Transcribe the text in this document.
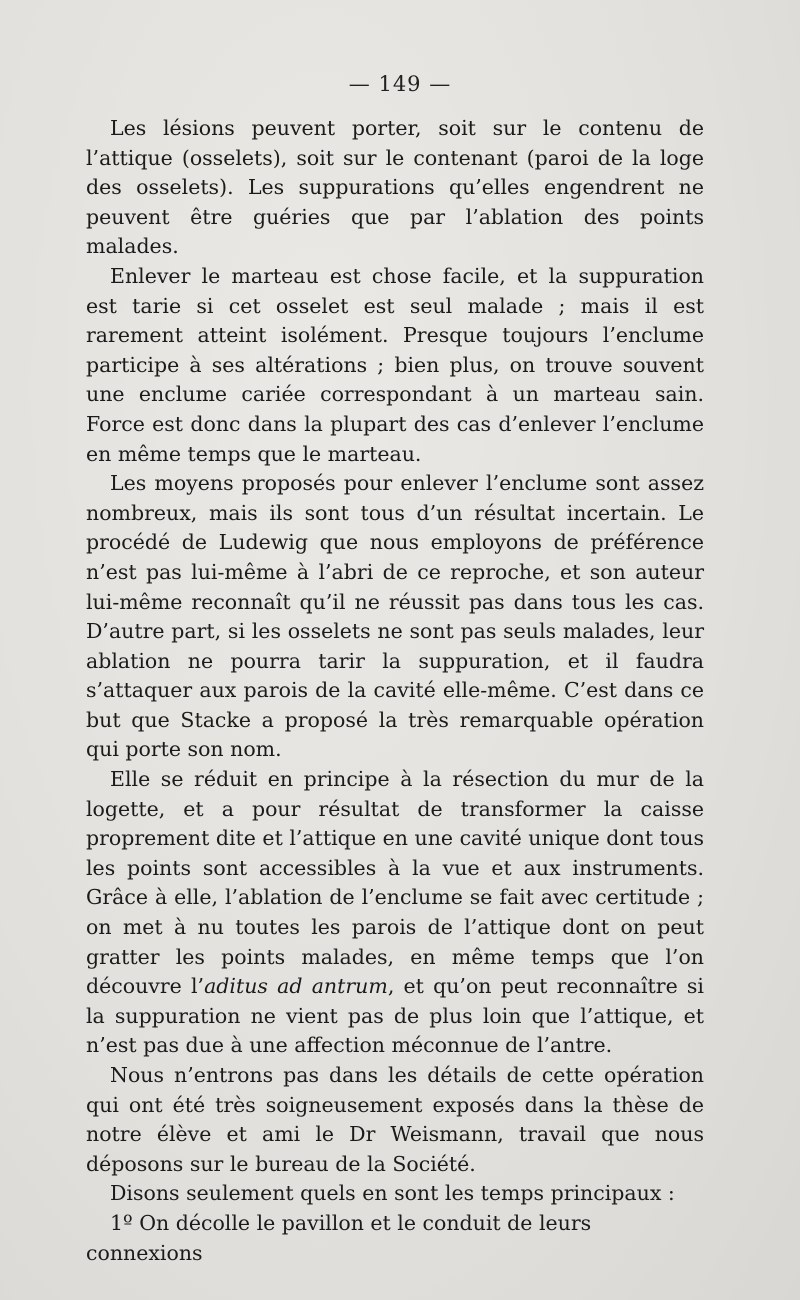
— 149 —

Les lésions peuvent porter, soit sur le contenu de l’attique (osselets), soit sur le contenant (paroi de la loge des osselets). Les suppurations qu’elles engendrent ne peuvent être guéries que par l’ablation des points malades.

Enlever le marteau est chose facile, et la suppuration est tarie si cet osselet est seul malade ; mais il est rarement atteint isolément. Presque toujours l’enclume participe à ses altérations ; bien plus, on trouve souvent une enclume cariée correspondant à un marteau sain. Force est donc dans la plupart des cas d’enlever l’enclume en même temps que le marteau.

Les moyens proposés pour enlever l’enclume sont assez nombreux, mais ils sont tous d’un résultat incertain. Le procédé de Ludewig que nous employons de préférence n’est pas lui-même à l’abri de ce reproche, et son auteur lui-même reconnaît qu’il ne réussit pas dans tous les cas. D’autre part, si les osselets ne sont pas seuls malades, leur ablation ne pourra tarir la suppuration, et il faudra s’attaquer aux parois de la cavité elle-même. C’est dans ce but que Stacke a proposé la très remarquable opération qui porte son nom.

Elle se réduit en principe à la résection du mur de la logette, et a pour résultat de transformer la caisse proprement dite et l’attique en une cavité unique dont tous les points sont accessibles à la vue et aux instruments. Grâce à elle, l’ablation de l’enclume se fait avec certitude ; on met à nu toutes les parois de l’attique dont on peut gratter les points malades, en même temps que l’on découvre l’aditus ad antrum, et qu’on peut reconnaître si la suppuration ne vient pas de plus loin que l’attique, et n’est pas due à une affection méconnue de l’antre.

Nous n’entrons pas dans les détails de cette opération qui ont été très soigneusement exposés dans la thèse de notre élève et ami le Dr Weismann, travail que nous déposons sur le bureau de la Société.

Disons seulement quels en sont les temps principaux :

1º On décolle le pavillon et le conduit de leurs connexions
